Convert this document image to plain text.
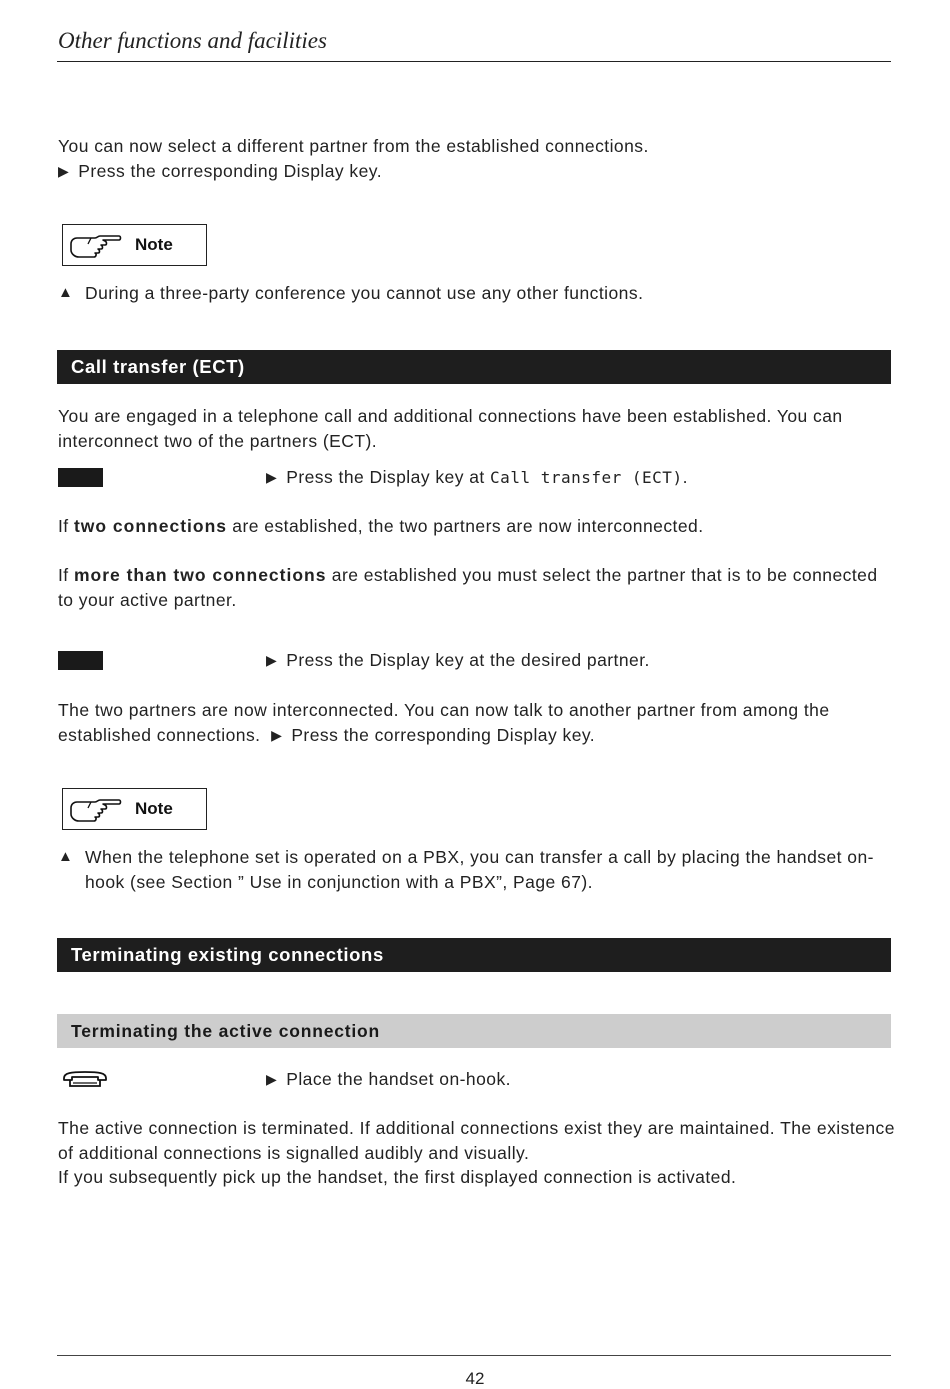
Other functions and facilities

You can now select a different partner from the established connections.
▶ Press the corresponding Display key.

Note
▲ During a three-party conference you cannot use any other functions.
Call transfer (ECT)

You are engaged in a telephone call and additional connections have been established. You can interconnect two of the partners (ECT).

▶ Press the Display key at Call transfer (ECT).

If two connections are established, the two partners are now interconnected.

If more than two connections are established you must select the partner that is to be connected to your active partner.

▶ Press the Display key at the desired partner.

The two partners are now interconnected. You can now talk to another partner from among the established connections. ▶ Press the corresponding Display key.

Note
▲ When the telephone set is operated on a PBX, you can transfer a call by placing the handset on-hook (see Section ” Use in conjunction with a PBX”, Page 67).
Terminating existing connections
Terminating the active connection
▶ Place the handset on-hook.

The active connection is terminated. If additional connections exist they are maintained. The existence of additional connections is signalled audibly and visually.
If you subsequently pick up the handset, the first displayed connection is activated.

42
